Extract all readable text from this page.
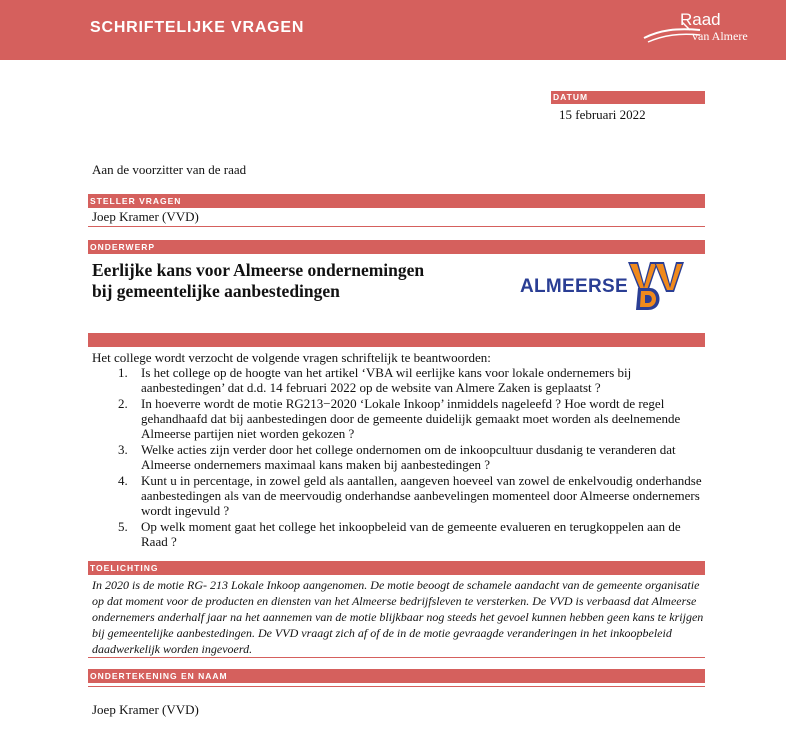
SCHRIFTELIJKE VRAGEN	Raad
van Almere
DATUM
15 februari 2022
Aan de voorzitter van de raad
STELLER VRAGEN
Joep Kramer (VVD)
ONDERWERP
Eerlijke kans voor Almeerse ondernemingen
bij gemeentelijke aanbestedingen	ALMEERSE
Het college wordt verzocht de volgende vragen schriftelijk te beantwoorden:
1. Is het college op de hoogte van het artikel ‘VBA wil eerlijke kans voor lokale ondernemers bij aanbestedingen’ dat d.d. 14 februari 2022 op de website van Almere Zaken is geplaatst ?
2. In hoeverre wordt de motie RG213−2020 ‘Lokale Inkoop’ inmiddels nageleefd ? Hoe wordt de regel gehandhaafd dat bij aanbestedingen door de gemeente duidelijk gemaakt moet worden als deelnemende Almeerse partijen niet worden gekozen ?
3. Welke acties zijn verder door het college ondernomen om de inkoopcultuur dusdanig te veranderen dat Almeerse ondernemers maximaal kans maken bij aanbestedingen ?
4. Kunt u in percentage, in zowel geld als aantallen, aangeven hoeveel van zowel de enkelvoudig onderhandse aanbestedingen als van de meervoudig onderhandse aanbevelingen momenteel door Almeerse ondernemers wordt ingevuld ?
5. Op welk moment gaat het college het inkoopbeleid van de gemeente evalueren en terugkoppelen aan de Raad ?
TOELICHTING
In 2020 is de motie RG- 213 Lokale Inkoop aangenomen. De motie beoogt de schamele aandacht van de gemeente organisatie op dat moment voor de producten en diensten van het Almeerse bedrijfsleven te versterken. De VVD is verbaasd dat Almeerse ondernemers anderhalf jaar na het aannemen van de motie blijkbaar nog steeds het gevoel kunnen hebben geen kans te krijgen bij gemeentelijke aanbestedingen. De VVD vraagt zich af of de in de motie gevraagde veranderingen in het inkoopbeleid daadwerkelijk worden ingevoerd.
ONDERTEKENING EN NAAM
Joep Kramer (VVD)
